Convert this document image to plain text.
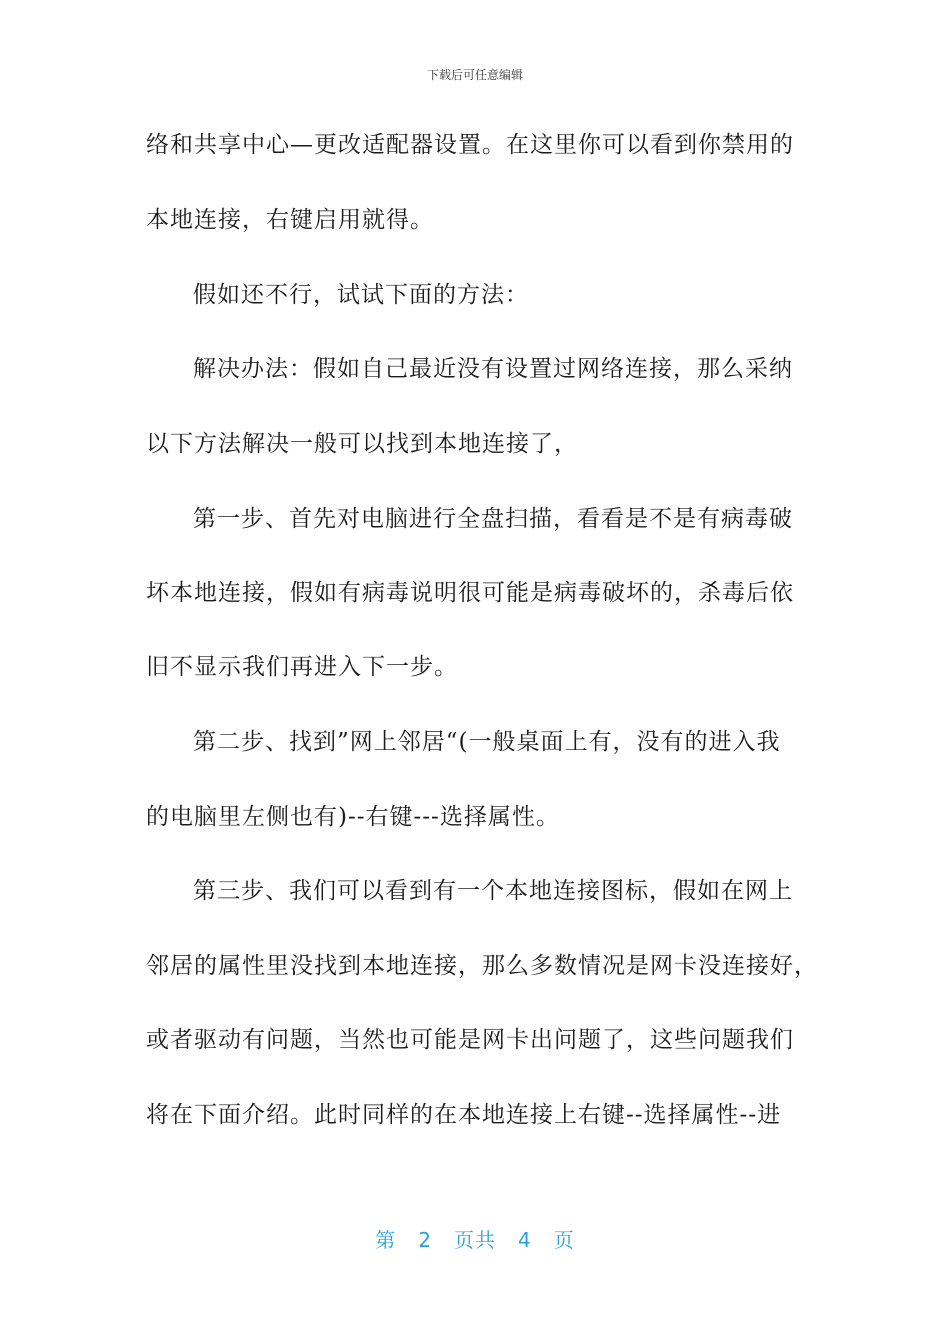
下载后可任意编辑
络和共享中心—更改适配器设置。在这里你可以看到你禁用的
本地连接，右键启用就得。
假如还不行，试试下面的方法：
解决办法：假如自己最近没有设置过网络连接，那么采纳
以下方法解决一般可以找到本地连接了，
第一步、首先对电脑进行全盘扫描，看看是不是有病毒破
坏本地连接，假如有病毒说明很可能是病毒破坏的，杀毒后依
旧不显示我们再进入下一步。
第二步、找到”网上邻居“(一般桌面上有，没有的进入我
的电脑里左侧也有)--右键---选择属性。
第三步、我们可以看到有一个本地连接图标，假如在网上
邻居的属性里没找到本地连接，那么多数情况是网卡没连接好，
或者驱动有问题，当然也可能是网卡出问题了，这些问题我们
将在下面介绍。此时同样的在本地连接上右键--选择属性--进
第 2 页共 4 页
